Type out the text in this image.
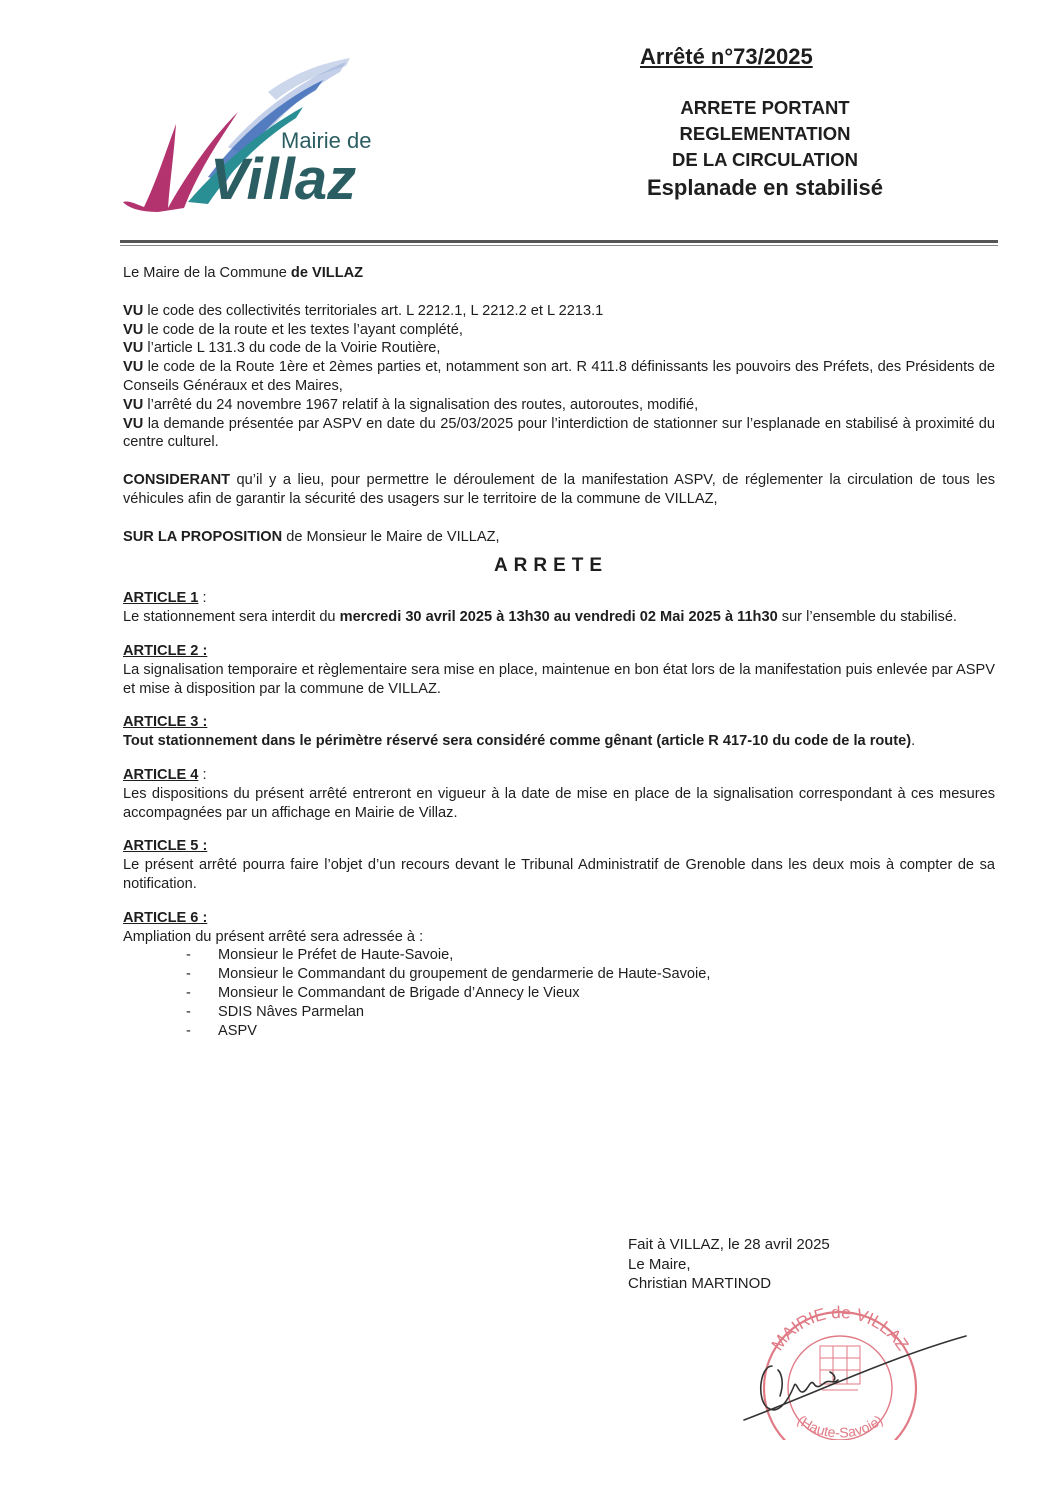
Mairie de
Villaz
Arrêté n°73/2025
ARRETE PORTANT
REGLEMENTATION
DE LA CIRCULATION
Esplanade en stabilisé

Le Maire de la Commune de VILLAZ

VU le code des collectivités territoriales art. L 2212.1, L 2212.2 et L 2213.1

VU le code de la route et les textes l’ayant complété,

VU l’article L 131.3 du code de la Voirie Routière,

VU le code de la Route 1ère et 2èmes parties et, notamment son art. R 411.8 définissants les pouvoirs des Préfets, des Présidents de Conseils Généraux et des Maires,

VU l’arrêté du 24 novembre 1967 relatif à la signalisation des routes, autoroutes, modifié,

VU la demande présentée par ASPV en date du 25/03/2025 pour l’interdiction de stationner sur l’esplanade en stabilisé à proximité du centre culturel.

CONSIDERANT qu’il y a lieu, pour permettre le déroulement de la manifestation ASPV, de réglementer la circulation de tous les véhicules afin de garantir la sécurité des usagers sur le territoire de la commune de VILLAZ,

SUR LA PROPOSITION de Monsieur le Maire de VILLAZ,

ARRETE

ARTICLE 1 :

Le stationnement sera interdit du mercredi 30 avril 2025 à 13h30 au vendredi 02 Mai 2025 à 11h30 sur l’ensemble du stabilisé.

ARTICLE 2 :

La signalisation temporaire et règlementaire sera mise en place, maintenue en bon état lors de la manifestation puis enlevée par ASPV et mise à disposition par la commune de VILLAZ.

ARTICLE 3 :

Tout stationnement dans le périmètre réservé sera considéré comme gênant (article R 417-10 du code de la route).

ARTICLE 4 :

Les dispositions du présent arrêté entreront en vigueur à la date de mise en place de la signalisation correspondant à ces mesures accompagnées par un affichage en Mairie de Villaz.

ARTICLE 5 :

Le présent arrêté pourra faire l’objet d’un recours devant le Tribunal Administratif de Grenoble dans les deux mois à compter de sa notification.

ARTICLE 6 :

Ampliation du présent arrêté sera adressée à :

- Monsieur le Préfet de Haute-Savoie,
- Monsieur le Commandant du groupement de gendarmerie de Haute-Savoie,
- Monsieur le Commandant de Brigade d’Annecy le Vieux
- SDIS Nâves Parmelan
- ASPV
Fait à VILLAZ, le 28 avril 2025
Le Maire,
Christian MARTINOD
MAIRIE de VILLAZ
(Haute-Savoie)
